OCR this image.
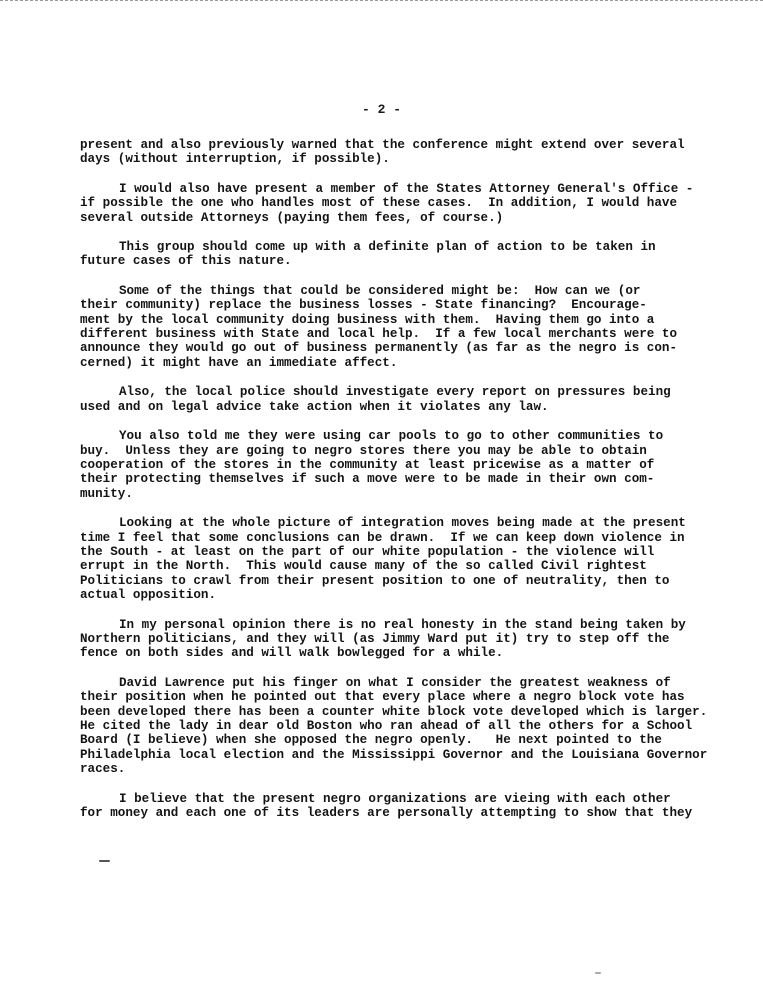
- 2 -
present and also previously warned that the conference might extend over several
days (without interruption, if possible).
I would also have present a member of the States Attorney General's Office -
if possible the one who handles most of these cases.  In addition, I would have
several outside Attorneys (paying them fees, of course.)
This group should come up with a definite plan of action to be taken in
future cases of this nature.
Some of the things that could be considered might be:  How can we (or
their community) replace the business losses - State financing?  Encourage-
ment by the local community doing business with them.  Having them go into a
different business with State and local help.  If a few local merchants were to
announce they would go out of business permanently (as far as the negro is con-
cerned) it might have an immediate affect.
Also, the local police should investigate every report on pressures being
used and on legal advice take action when it violates any law.
You also told me they were using car pools to go to other communities to
buy.  Unless they are going to negro stores there you may be able to obtain
cooperation of the stores in the community at least pricewise as a matter of
their protecting themselves if such a move were to be made in their own com-
munity.
Looking at the whole picture of integration moves being made at the present
time I feel that some conclusions can be drawn.  If we can keep down violence in
the South - at least on the part of our white population - the violence will
errupt in the North.  This would cause many of the so called Civil rightest
Politicians to crawl from their present position to one of neutrality, then to
actual opposition.
In my personal opinion there is no real honesty in the stand being taken by
Northern politicians, and they will (as Jimmy Ward put it) try to step off the
fence on both sides and will walk bowlegged for a while.
David Lawrence put his finger on what I consider the greatest weakness of
their position when he pointed out that every place where a negro block vote has
been developed there has been a counter white block vote developed which is larger.
He cited the lady in dear old Boston who ran ahead of all the others for a School
Board (I believe) when she opposed the negro openly.   He next pointed to the
Philadelphia local election and the Mississippi Governor and the Louisiana Governor
races.
I believe that the present negro organizations are vieing with each other
for money and each one of its leaders are personally attempting to show that they
